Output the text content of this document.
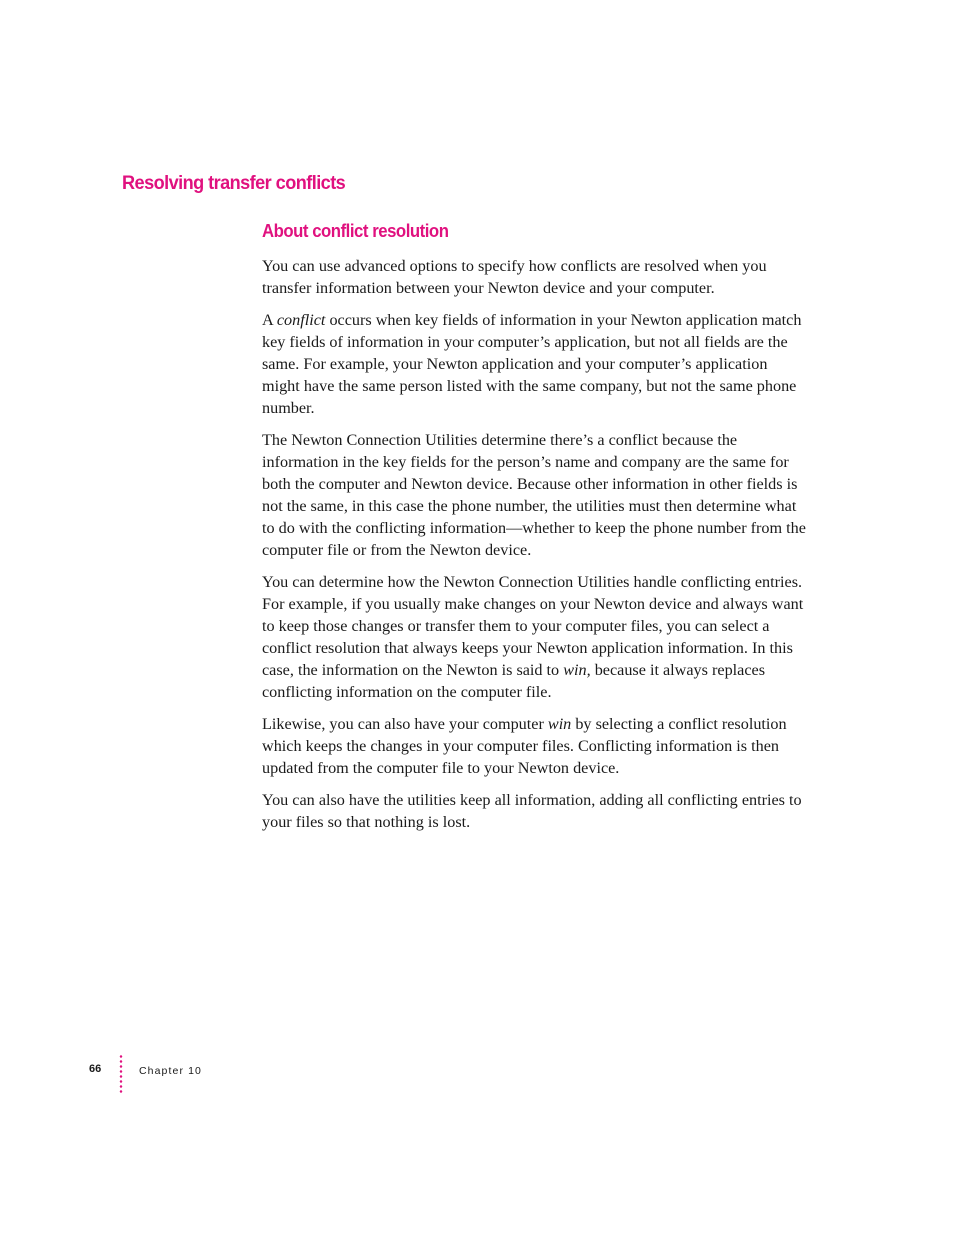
Resolving transfer conflicts
About conflict resolution

You can use advanced options to specify how conflicts are resolved when you transfer information between your Newton device and your computer.

A conflict occurs when key fields of information in your Newton application match key fields of information in your computer’s application, but not all fields are the same. For example, your Newton application and your computer’s application might have the same person listed with the same company, but not the same phone number.

The Newton Connection Utilities determine there’s a conflict because the information in the key fields for the person’s name and company are the same for both the computer and Newton device. Because other information in other fields is not the same, in this case the phone number, the utilities must then determine what to do with the conflicting information—whether to keep the phone number from the computer file or from the Newton device.

You can determine how the Newton Connection Utilities handle conflicting entries. For example, if you usually make changes on your Newton device and always want to keep those changes or transfer them to your computer files, you can select a conflict resolution that always keeps your Newton application information. In this case, the information on the Newton is said to win, because it always replaces conflicting information on the computer file.

Likewise, you can also have your computer win by selecting a conflict resolution which keeps the changes in your computer files. Conflicting information is then updated from the computer file to your Newton device.

You can also have the utilities keep all information, adding all conflicting entries to your files so that nothing is lost.

66	Chapter 10
